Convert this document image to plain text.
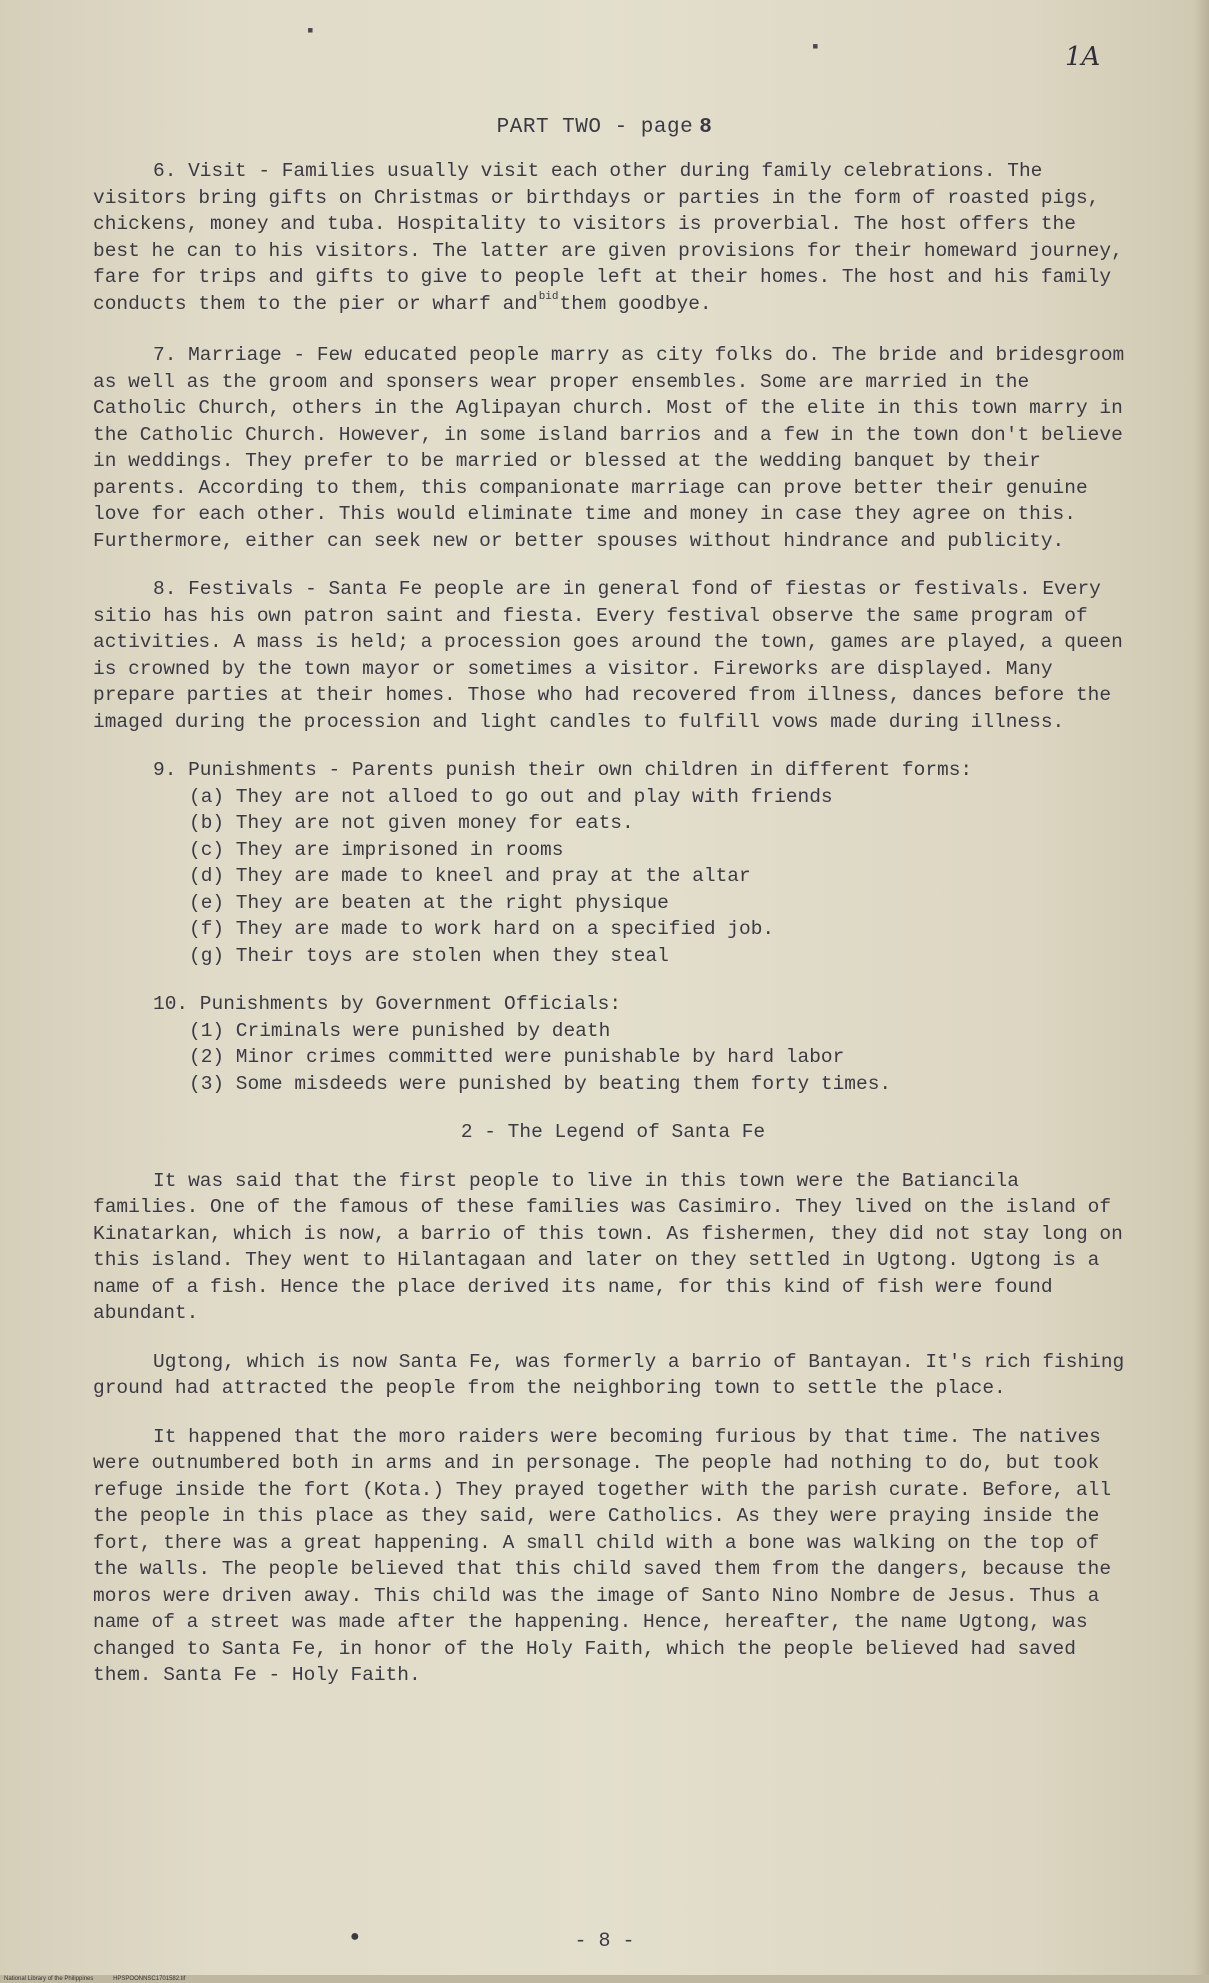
▪
▪	1A
PART TWO - page 8

6. Visit - Families usually visit each other during family celebrations. The visitors bring gifts on Christmas or birthdays or parties in the form of roasted pigs, chickens, money and tuba. Hospitality to visitors is proverbial. The host offers the best he can to his visitors. The latter are given provisions for their homeward journey, fare for trips and gifts to give to people left at their homes. The host and his family conducts them to the pier or wharf and$^{bid}$them goodbye.

7. Marriage - Few educated people marry as city folks do. The bride and bridesgroom as well as the groom and sponsers wear proper ensembles. Some are married in the Catholic Church, others in the Aglipayan church. Most of the elite in this town marry in the Catholic Church. However, in some island barrios and a few in the town don't believe in weddings. They prefer to be married or blessed at the wedding banquet by their parents. According to them, this companionate marriage can prove better their genuine love for each other. This would eliminate time and money in case they agree on this. Furthermore, either can seek new or better spouses without hindrance and publicity.

8. Festivals - Santa Fe people are in general fond of fiestas or festivals. Every sitio has his own patron saint and fiesta. Every festival observe the same program of activities. A mass is held; a procession goes around the town, games are played, a queen is crowned by the town mayor or sometimes a visitor. Fireworks are displayed. Many prepare parties at their homes. Those who had recovered from illness, dances before the imaged during the procession and light candles to fulfill vows made during illness.

9. Punishments - Parents punish their own children in different forms:

(a) They are not alloed to go out and play with friends
(b) They are not given money for eats.
(c) They are imprisoned in rooms
(d) They are made to kneel and pray at the altar
(e) They are beaten at the right physique
(f) They are made to work hard on a specified job.
(g) Their toys are stolen when they steal

10. Punishments by Government Officials:

(1) Criminals were punished by death
(2) Minor crimes committed were punishable by hard labor
(3) Some misdeeds were punished by beating them forty times.

2 - The Legend of Santa Fe

It was said that the first people to live in this town were the Batiancila families. One of the famous of these families was Casimiro. They lived on the island of Kinatarkan, which is now, a barrio of this town. As fishermen, they did not stay long on this island. They went to Hilantagaan and later on they settled in Ugtong. Ugtong is a name of a fish. Hence the place derived its name, for this kind of fish were found abundant.

Ugtong, which is now Santa Fe, was formerly a barrio of Bantayan. It's rich fishing ground had attracted the people from the neighboring town to settle the place.

It happened that the moro raiders were becoming furious by that time. The natives were outnumbered both in arms and in personage. The people had nothing to do, but took refuge inside the fort (Kota.) They prayed together with the parish curate. Before, all the people in this place as they said, were Catholics. As they were praying inside the fort, there was a great happening. A small child with a bone was walking on the top of the walls. The people believed that this child saved them from the dangers, because the moros were driven away. This child was the image of Santo Nino Nombre de Jesus. Thus a name of a street was made after the happening. Hence, hereafter, the name Ugtong, was changed to Santa Fe, in honor of the Holy Faith, which the people believed had saved them. Santa Fe - Holy Faith.

●	- 8 -
National Library of the Philippines	HPSPOONNSC1701582.tif
